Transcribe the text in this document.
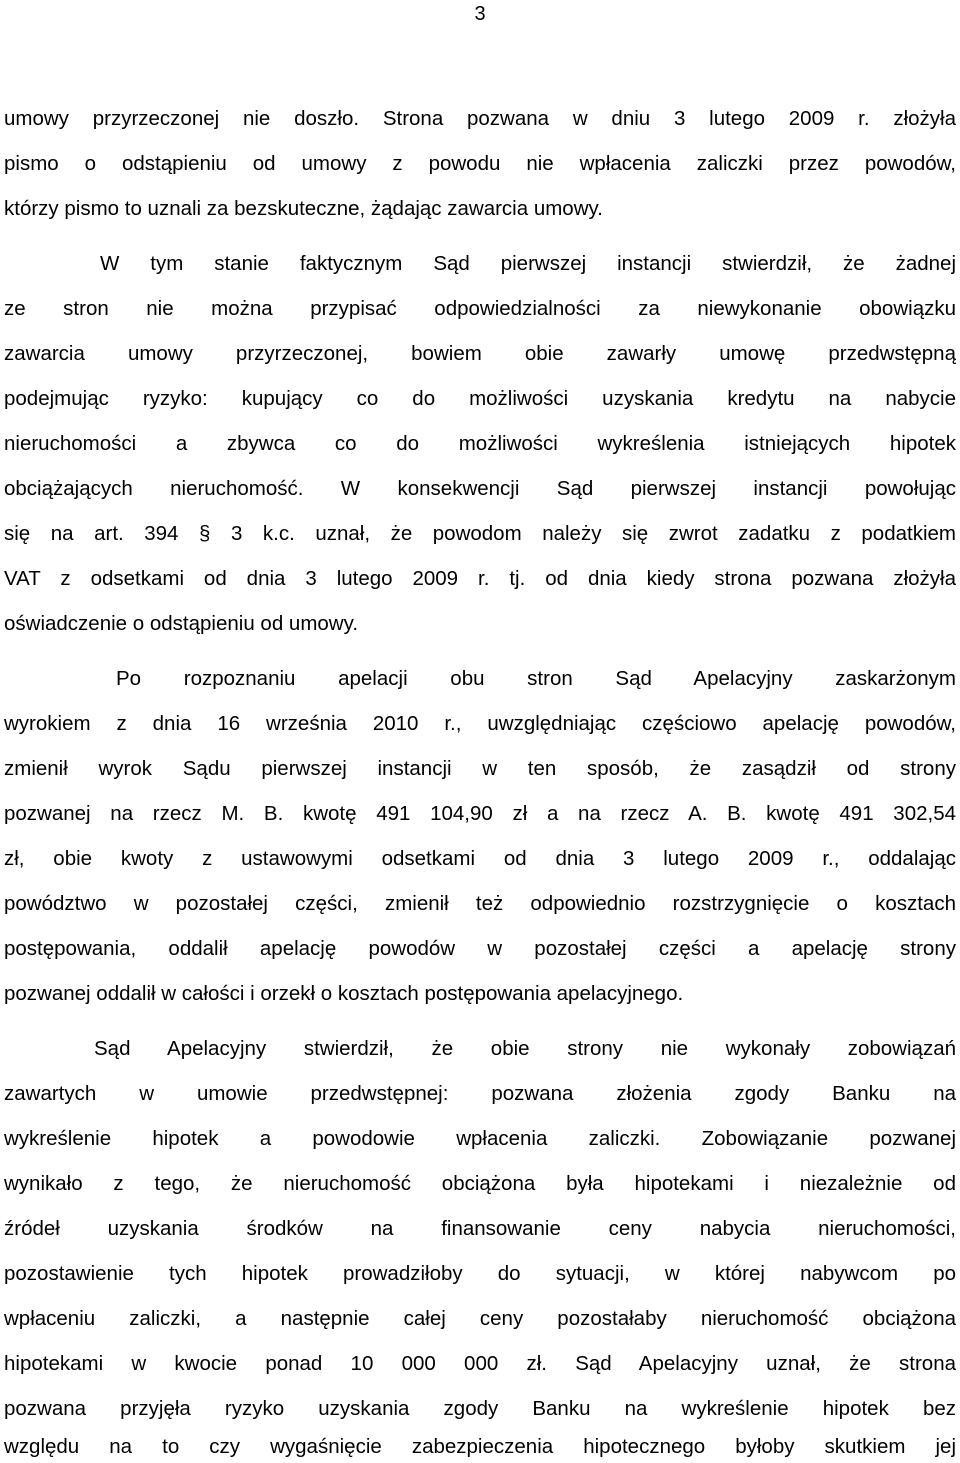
3
umowy przyrzeczonej nie doszło. Strona pozwana w dniu 3 lutego 2009 r. złożyła
pismo o odstąpieniu od umowy z powodu nie wpłacenia zaliczki przez powodów,
którzy pismo to uznali za bezskuteczne, żądając zawarcia umowy.
W tym stanie faktycznym Sąd pierwszej instancji stwierdził, że żadnej
ze stron nie można przypisać odpowiedzialności za niewykonanie obowiązku
zawarcia umowy przyrzeczonej, bowiem obie zawarły umowę przedwstępną
podejmując ryzyko: kupujący co do możliwości uzyskania kredytu na nabycie
nieruchomości a zbywca co do możliwości wykreślenia istniejących hipotek
obciążających nieruchomość. W konsekwencji Sąd pierwszej instancji powołując
się na art. 394 § 3 k.c. uznał, że powodom należy się zwrot zadatku z podatkiem
VAT z odsetkami od dnia 3 lutego 2009 r. tj. od dnia kiedy strona pozwana złożyła
oświadczenie o odstąpieniu od umowy.
Po rozpoznaniu apelacji obu stron Sąd Apelacyjny zaskarżonym
wyrokiem z dnia 16 września 2010 r., uwzględniając częściowo apelację powodów,
zmienił wyrok Sądu pierwszej instancji w ten sposób, że zasądził od strony
pozwanej na rzecz M. B. kwotę 491 104,90 zł a na rzecz A. B. kwotę 491 302,54
zł, obie kwoty z ustawowymi odsetkami od dnia 3 lutego 2009 r., oddalając
powództwo w pozostałej części, zmienił też odpowiednio rozstrzygnięcie o kosztach
postępowania, oddalił apelację powodów w pozostałej części a apelację strony
pozwanej oddalił w całości i orzekł o kosztach postępowania apelacyjnego.
Sąd Apelacyjny stwierdził, że obie strony nie wykonały zobowiązań
zawartych w umowie przedwstępnej: pozwana złożenia zgody Banku na
wykreślenie hipotek a powodowie wpłacenia zaliczki. Zobowiązanie pozwanej
wynikało z tego, że nieruchomość obciążona była hipotekami i niezależnie od
źródeł uzyskania środków na finansowanie ceny nabycia nieruchomości,
pozostawienie tych hipotek prowadziłoby do sytuacji, w której nabywcom po
wpłaceniu zaliczki, a następnie całej ceny pozostałaby nieruchomość obciążona
hipotekami w kwocie ponad 10 000 000 zł. Sąd Apelacyjny uznał, że strona
pozwana przyjęła ryzyko uzyskania zgody Banku na wykreślenie hipotek bez
względu na to czy wygaśnięcie zabezpieczenia hipotecznego byłoby skutkiem jej
